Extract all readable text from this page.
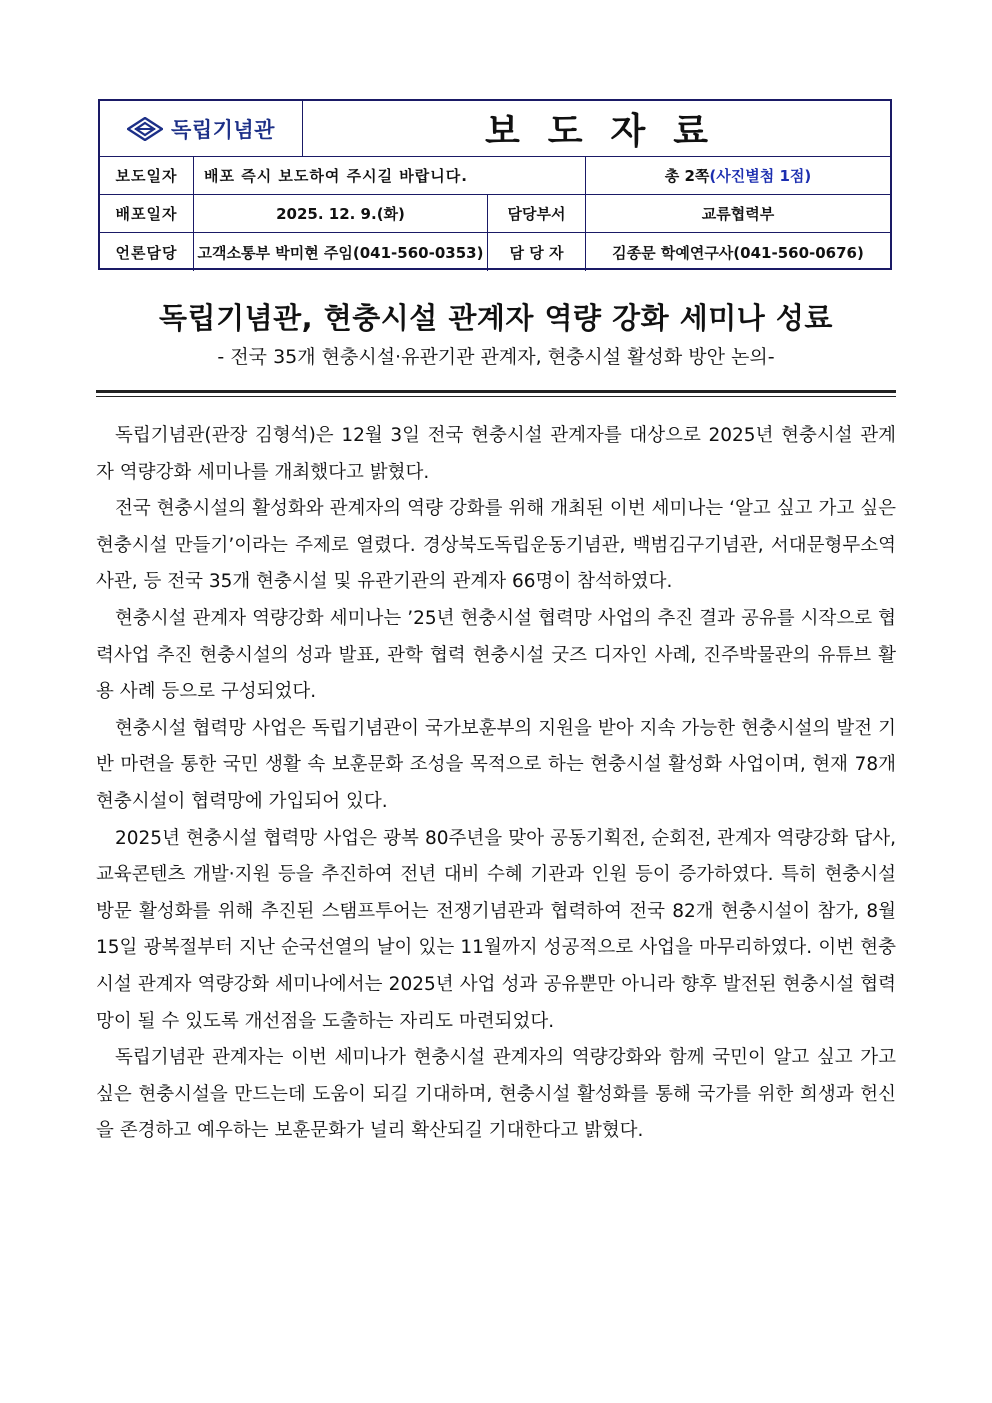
독립기념관	보도자료
보도일자	배포 즉시 보도하여 주시길 바랍니다.	총 2쪽 (사진별첨 1점)
배포일자	2025. 12. 9.(화)	담당부서	교류협력부
언론담당	고객소통부 박미현 주임(041-560-0353)	담 당 자	김종문 학예연구사(041-560-0676)
독립기념관, 현충시설 관계자 역량 강화 세미나 성료
- 전국 35개 현충시설·유관기관 관계자, 현충시설 활성화 방안 논의-

독립기념관(관장 김형석)은 12월 3일 전국 현충시설 관계자를 대상으로 2025년 현충시설 관계자 역량강화 세미나를 개최했다고 밝혔다.

전국 현충시설의 활성화와 관계자의 역량 강화를 위해 개최된 이번 세미나는 ‘알고 싶고 가고 싶은 현충시설 만들기’이라는 주제로 열렸다. 경상북도독립운동기념관, 백범김구기념관, 서대문형무소역사관, 등 전국 35개 현충시설 및 유관기관의 관계자 66명이 참석하였다.

현충시설 관계자 역량강화 세미나는 ’25년 현충시설 협력망 사업의 추진 결과 공유를 시작으로 협력사업 추진 현충시설의 성과 발표, 관학 협력 현충시설 굿즈 디자인 사례, 진주박물관의 유튜브 활용 사례 등으로 구성되었다.

현충시설 협력망 사업은 독립기념관이 국가보훈부의 지원을 받아 지속 가능한 현충시설의 발전 기반 마련을 통한 국민 생활 속 보훈문화 조성을 목적으로 하는 현충시설 활성화 사업이며, 현재 78개 현충시설이 협력망에 가입되어 있다.

2025년 현충시설 협력망 사업은 광복 80주년을 맞아 공동기획전, 순회전, 관계자 역량강화 답사, 교육콘텐츠 개발·지원 등을 추진하여 전년 대비 수혜 기관과 인원 등이 증가하였다. 특히 현충시설 방문 활성화를 위해 추진된 스탬프투어는 전쟁기념관과 협력하여 전국 82개 현충시설이 참가, 8월 15일 광복절부터 지난 순국선열의 날이 있는 11월까지 성공적으로 사업을 마무리하였다. 이번 현충시설 관계자 역량강화 세미나에서는 2025년 사업 성과 공유뿐만 아니라 향후 발전된 현충시설 협력망이 될 수 있도록 개선점을 도출하는 자리도 마련되었다.

독립기념관 관계자는 이번 세미나가 현충시설 관계자의 역량강화와 함께 국민이 알고 싶고 가고 싶은 현충시설을 만드는데 도움이 되길 기대하며, 현충시설 활성화를 통해 국가를 위한 희생과 헌신을 존경하고 예우하는 보훈문화가 널리 확산되길 기대한다고 밝혔다.
